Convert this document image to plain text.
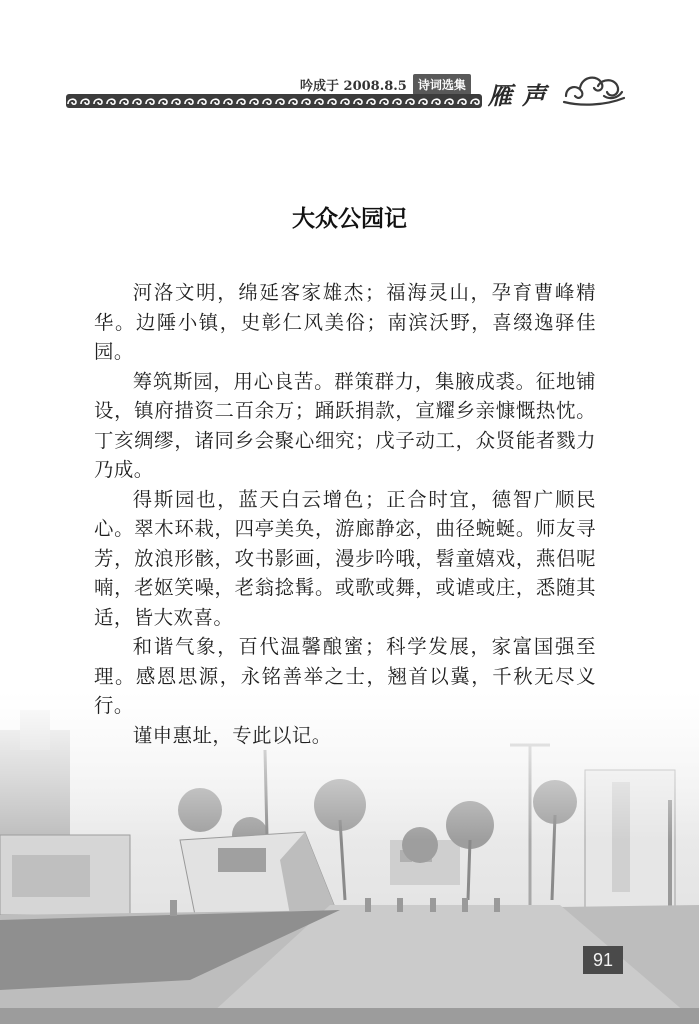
吟成于 2008.8.5 诗词选集 雁声
大众公园记

河洛文明，绵延客家雄杰；福海灵山，孕育曹峰精华。边陲小镇，史彰仁风美俗；南滨沃野，喜缀逸驿佳园。

筹筑斯园，用心良苦。群策群力，集腋成裘。征地铺设，镇府措资二百余万；踊跃捐款，宣耀乡亲慷慨热忱。丁亥绸缪，诸同乡会聚心细究；戊子动工，众贤能者戮力乃成。

得斯园也，蓝天白云增色；正合时宜，德智广顺民心。翠木环栽，四亭美奂，游廊静宓，曲径蜿蜒。师友寻芳，放浪形骸，攻书影画，漫步吟哦，髫童嬉戏，燕侣呢喃，老妪笑噪，老翁捻髯。或歌或舞，或谑或庄，悉随其适，皆大欢喜。

和谐气象，百代温馨酿蜜；科学发展，家富国强至理。感恩思源，永铭善举之士，翘首以冀，千秋无尽义行。

谨申惠址，专此以记。

91
